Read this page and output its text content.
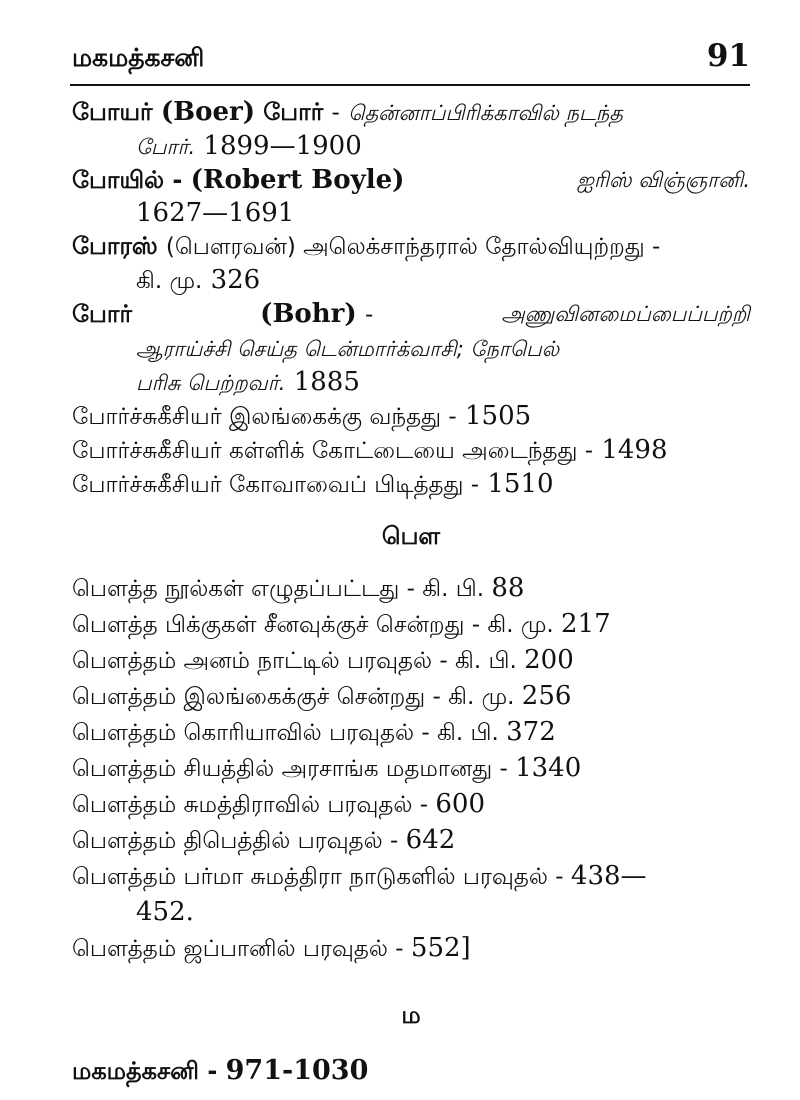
மகமத்கசனி	91
போயர் (Boer) போர் - தென்னாப்பிரிக்காவில் நடந்த
போர். 1899—1900
போயில் - (Robert Boyle)	ஐரிஸ் விஞ்ஞானி.
1627—1691
போரஸ் (பௌரவன்) அலெக்சாந்தரால் தோல்வியுற்றது -
கி. மு. 326
போர்	(Bohr) -	அணுவினமைப்பைப்பற்றி
ஆராய்ச்சி செய்த டென்மார்க்வாசி; நோபெல்
பரிசு பெற்றவர். 1885
போர்ச்சுகீசியர் இலங்கைக்கு வந்தது - 1505
போர்ச்சுகீசியர் கள்ளிக் கோட்டையை அடைந்தது - 1498
போர்ச்சுகீசியர் கோவாவைப் பிடித்தது - 1510
பௌ
பௌத்த நூல்கள் எழுதப்பட்டது - கி. பி. 88
பௌத்த பிக்குகள் சீனவுக்குச் சென்றது - கி. மு. 217
பௌத்தம் அனம் நாட்டில் பரவுதல் - கி. பி. 200
பௌத்தம் இலங்கைக்குச் சென்றது - கி. மு. 256
பௌத்தம் கொரியாவில் பரவுதல் - கி. பி. 372
பௌத்தம் சியத்தில் அரசாங்க மதமானது - 1340
பௌத்தம் சுமத்திராவில் பரவுதல் - 600
பௌத்தம் திபெத்தில் பரவுதல் - 642
பௌத்தம் பர்மா சுமத்திரா நாடுகளில் பரவுதல் - 438—
452.
பௌத்தம் ஜப்பானில் பரவுதல் - 552]
ம
மகமத்கசனி - 971-1030
